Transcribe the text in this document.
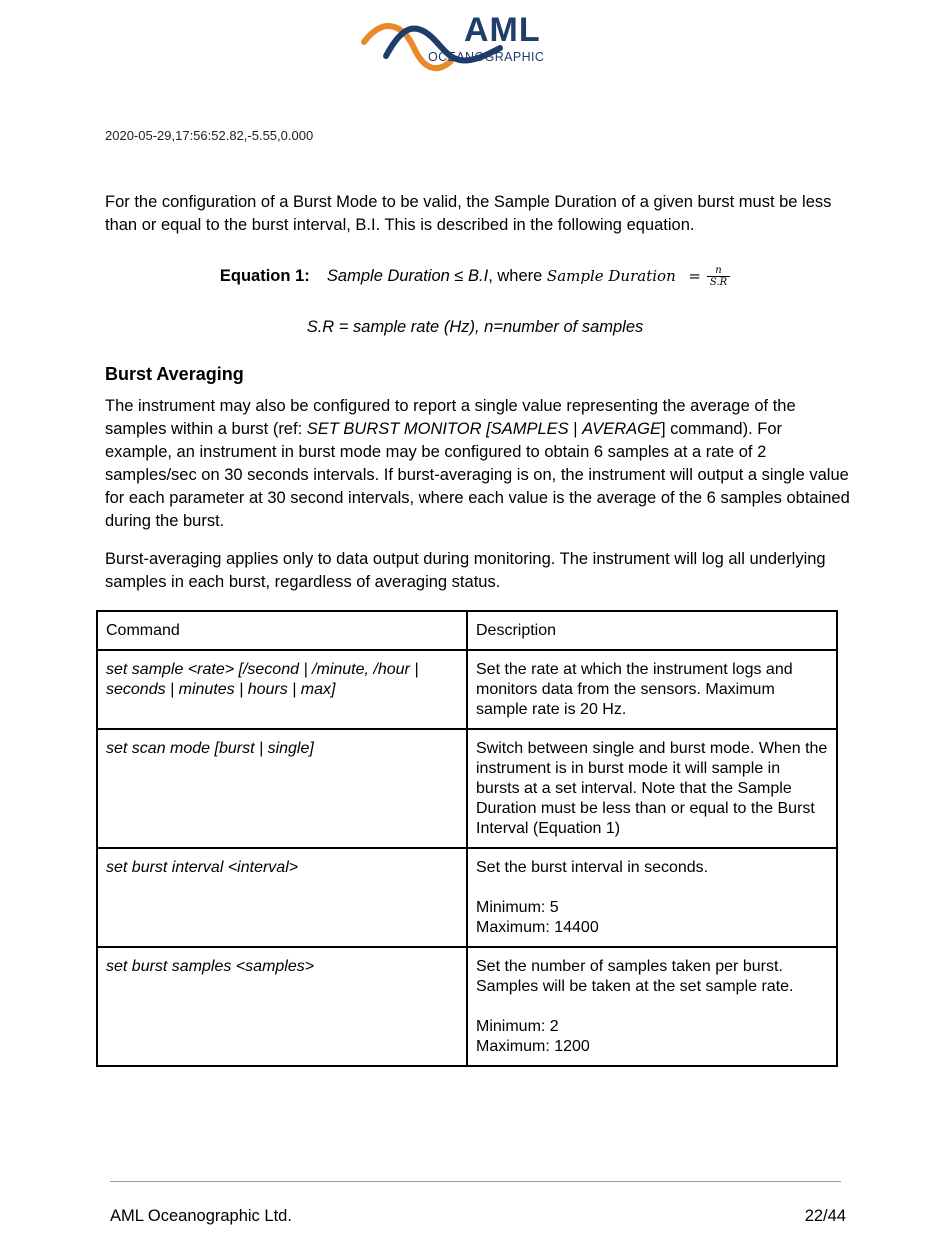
AML
OCEANOGRAPHIC
2020-05-29,17:56:52.82,-5.55,0.000

For the configuration of a Burst Mode to be valid, the Sample Duration of a given burst must be less than or equal to the burst interval, B.I. This is described in the following equation.

Equation 1: Sample Duration ≤ B.I, where Sample Duration = $\frac{n}{S.R}$
S.R = sample rate (Hz), n=number of samples
Burst Averaging

The instrument may also be configured to report a single value representing the average of the samples within a burst (ref: SET BURST MONITOR [SAMPLES | AVERAGE] command). For example, an instrument in burst mode may be configured to obtain 6 samples at a rate of 2 samples/sec on 30 seconds intervals. If burst-averaging is on, the instrument will output a single value for each parameter at 30 second intervals, where each value is the average of the 6 samples obtained during the burst.

Burst-averaging applies only to data output during monitoring. The instrument will log all underlying samples in each burst, regardless of averaging status.

Command	Description

set sample <rate> [/second | /minute, /hour |
seconds | minutes | hours | max]	Set the rate at which the instrument logs and monitors data from the sensors. Maximum sample rate is 20 Hz.

set scan mode [burst | single]	Switch between single and burst mode. When the instrument is in burst mode it will sample in bursts at a set interval. Note that the Sample Duration must be less than or equal to the Burst Interval (Equation 1)

set burst interval <interval>	Set the burst interval in seconds.
Minimum: 5
Maximum: 14400

set burst samples <samples>	Set the number of samples taken per burst. Samples will be taken at the set sample rate.
Minimum: 2
Maximum: 1200
AML Oceanographic Ltd.	22/44
